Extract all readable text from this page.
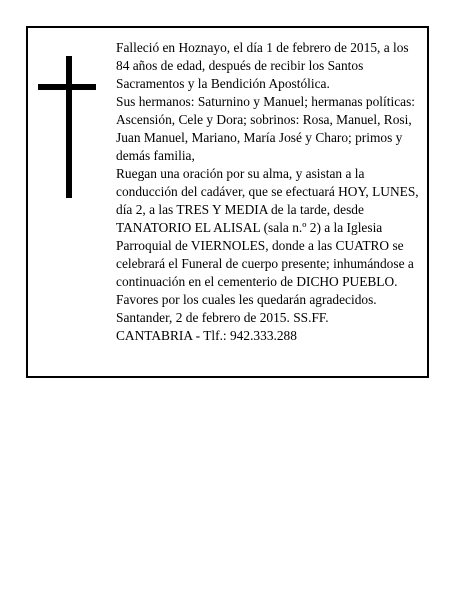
Falleció en Hoznayo, el día 1 de febrero de 2015, a los 84 años de edad, después de recibir los Santos Sacramentos y la Bendición Apostólica.

Sus hermanos: Saturnino y Manuel; hermanas políticas: Ascensión, Cele y Dora; sobrinos: Rosa, Manuel, Rosi, Juan Manuel, Mariano, María José y Charo; primos y demás familia,

Ruegan una oración por su alma, y asistan a la conducción del cadáver, que se efectuará HOY, LUNES, día 2, a las TRES Y MEDIA de la tarde, desde TANATORIO EL ALISAL (sala n.º 2) a la Iglesia Parroquial de VIERNOLES, donde a las CUATRO se celebrará el Funeral de cuerpo presente; inhumándose a continuación en el cementerio de DICHO PUEBLO.

Favores por los cuales les quedarán agradecidos.

Santander, 2 de febrero de 2015. SS.FF.

CANTABRIA - Tlf.: 942.333.288
